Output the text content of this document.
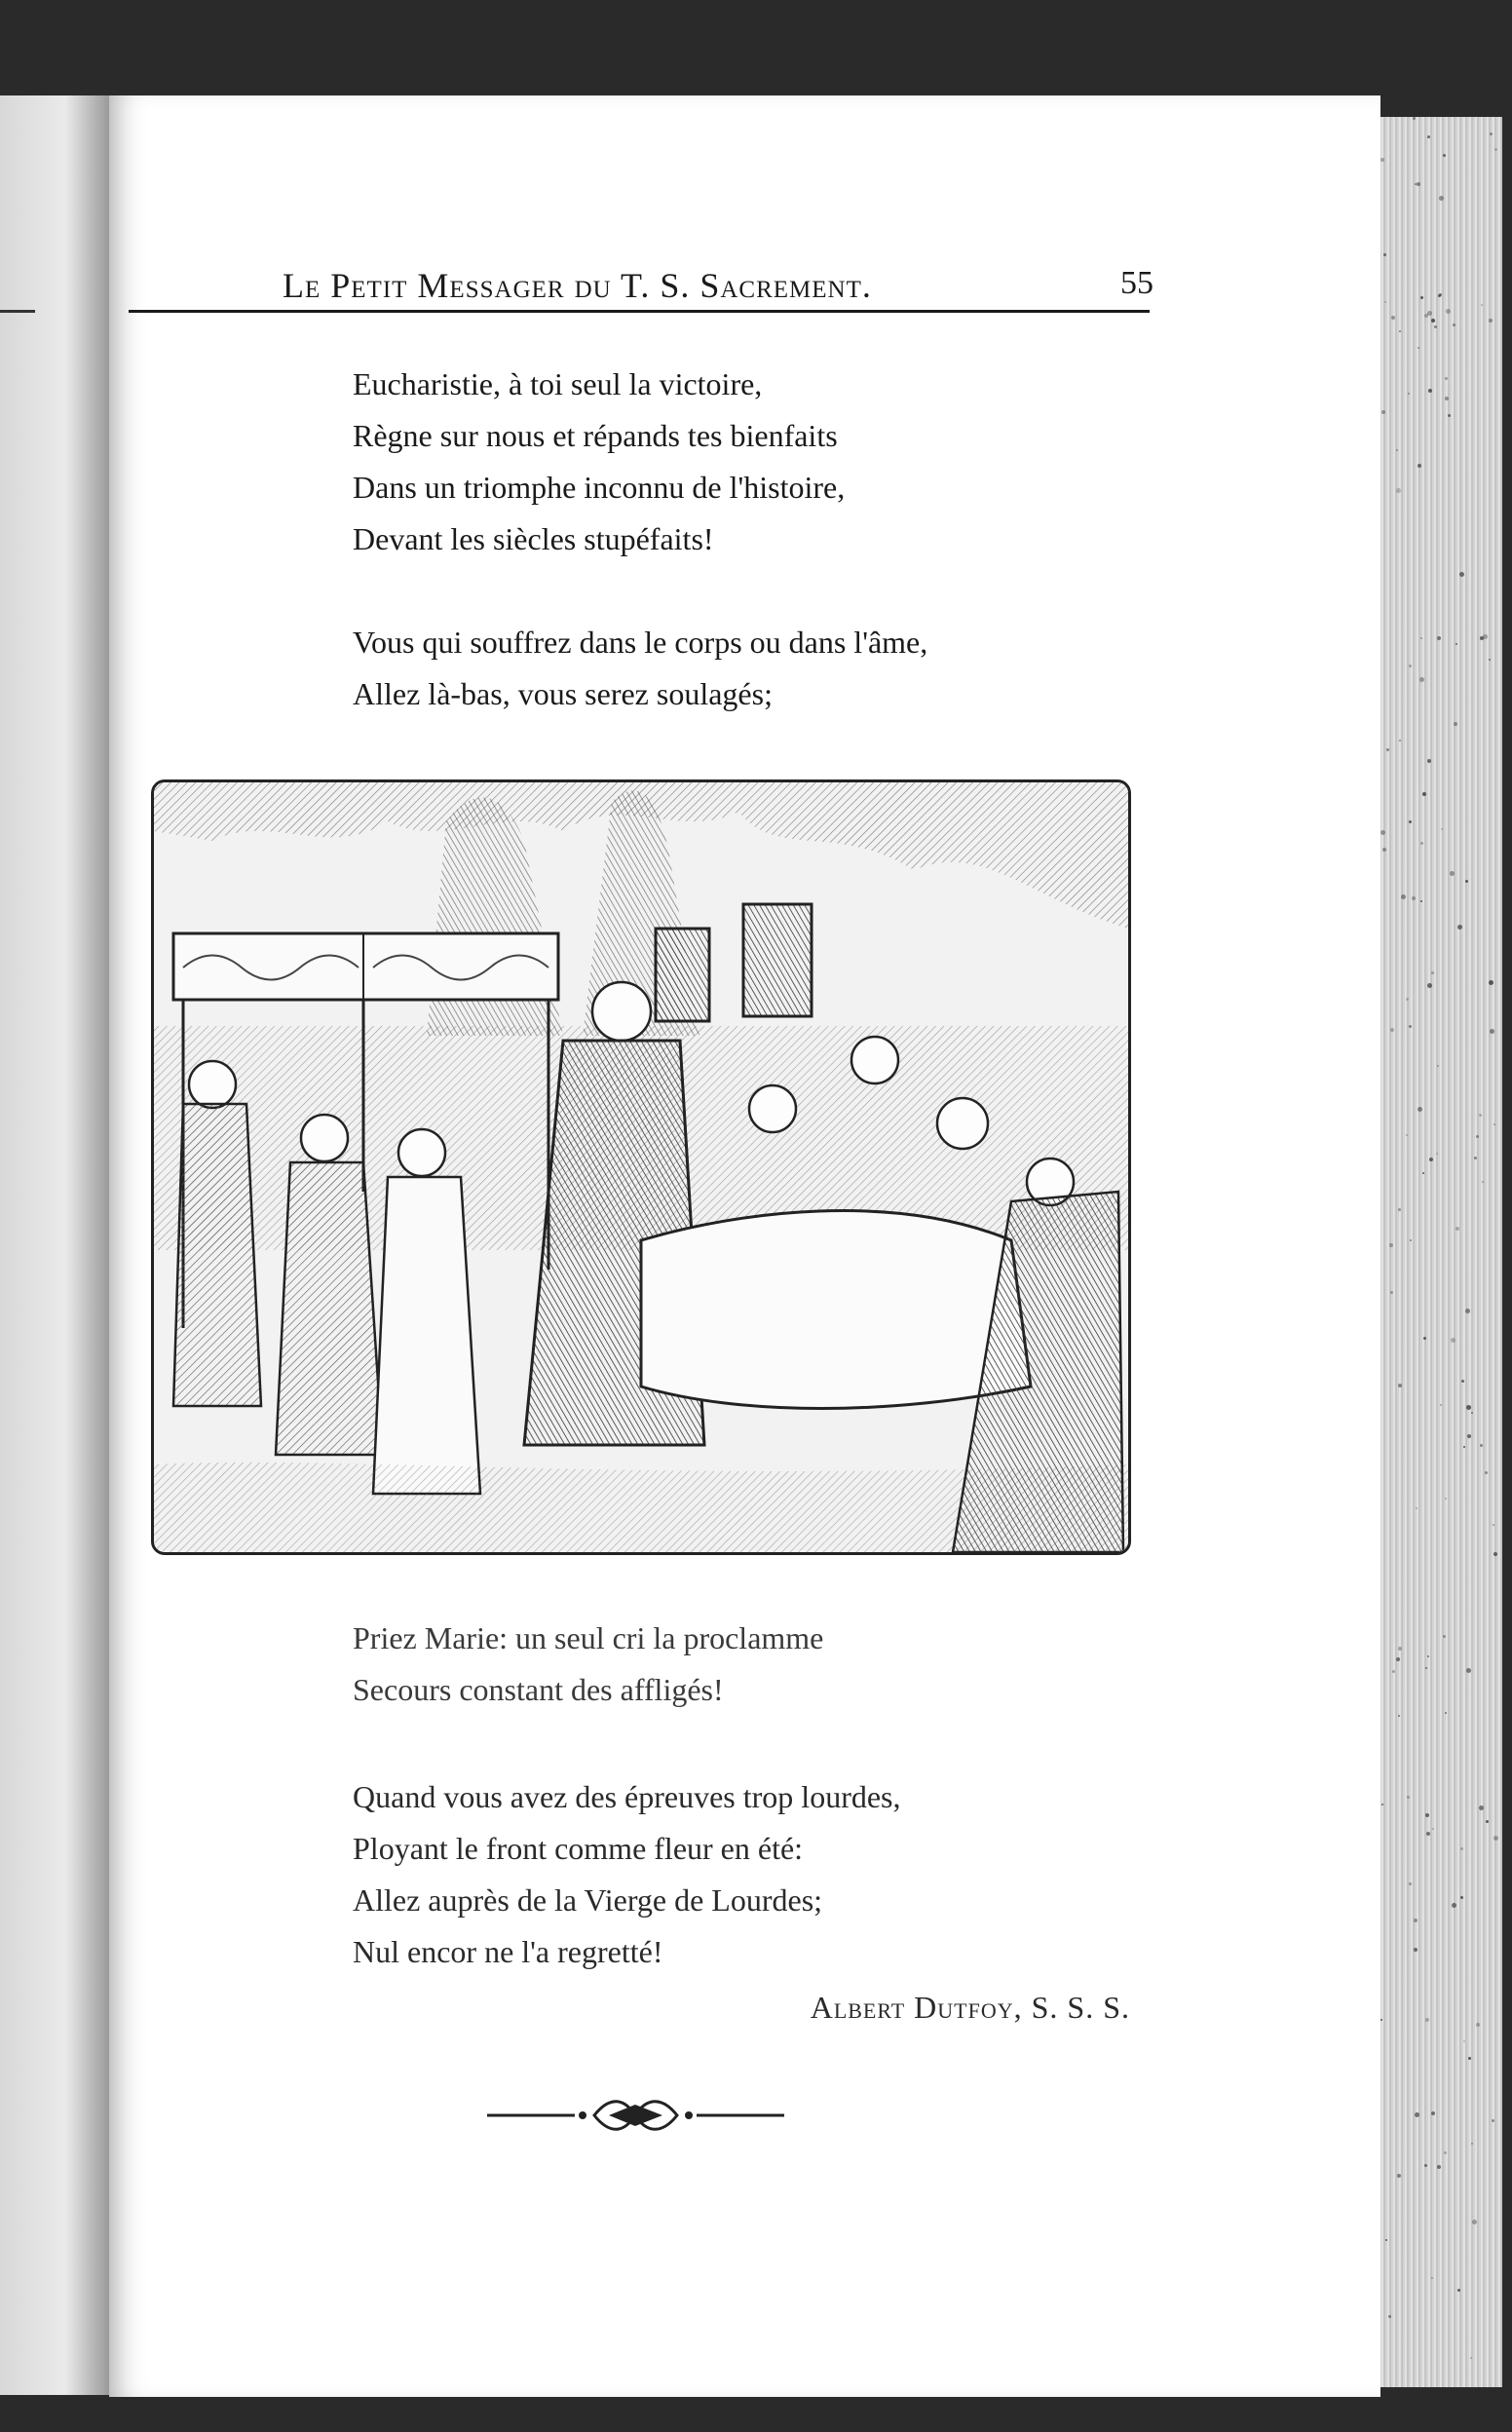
Le Petit Messager du T. S. Sacrement.	55
Eucharistie, à toi seul la victoire,
Règne sur nous et répands tes bienfaits
Dans un triomphe inconnu de l'histoire,
Devant les siècles stupéfaits!
Vous qui souffrez dans le corps ou dans l'âme,
Allez là-bas, vous serez soulagés;
Priez Marie: un seul cri la proclamme
Secours constant des affligés!
Quand vous avez des épreuves trop lourdes,
Ployant le front comme fleur en été:
Allez auprès de la Vierge de Lourdes;
Nul encor ne l'a regretté!
Albert Dutfoy, S. S. S.
